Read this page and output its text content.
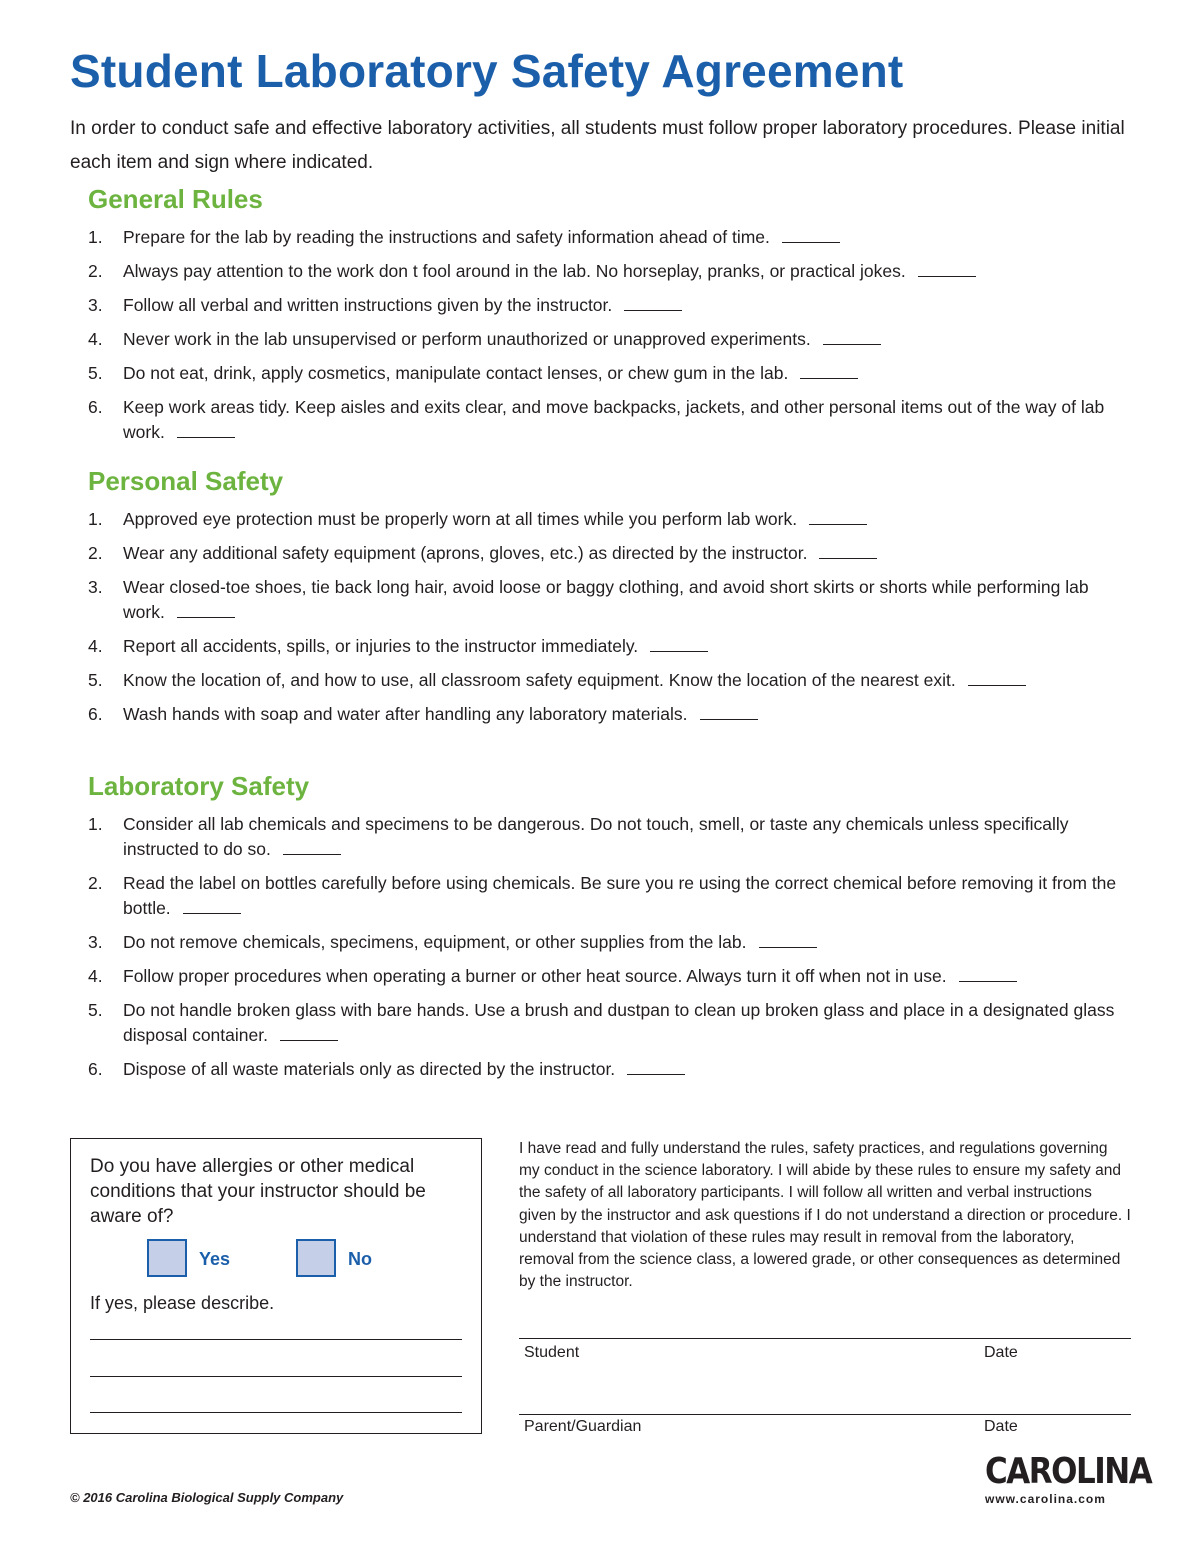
Student Laboratory Safety Agreement

In order to conduct safe and effective laboratory activities, all students must follow proper laboratory procedures. Please initial each item and sign where indicated.

General Rules
1. Prepare for the lab by reading the instructions and safety information ahead of time.
2. Always pay attention to the work don t fool around in the lab. No horseplay, pranks, or practical jokes.
3. Follow all verbal and written instructions given by the instructor.
4. Never work in the lab unsupervised or perform unauthorized or unapproved experiments.
5. Do not eat, drink, apply cosmetics, manipulate contact lenses, or chew gum in the lab.
6. Keep work areas tidy. Keep aisles and exits clear, and move backpacks, jackets, and other personal items out of the way of lab work.
Personal Safety
1. Approved eye protection must be properly worn at all times while you perform lab work.
2. Wear any additional safety equipment (aprons, gloves, etc.) as directed by the instructor.
3. Wear closed-toe shoes, tie back long hair, avoid loose or baggy clothing, and avoid short skirts or shorts while performing lab work.
4. Report all accidents, spills, or injuries to the instructor immediately.
5. Know the location of, and how to use, all classroom safety equipment. Know the location of the nearest exit.
6. Wash hands with soap and water after handling any laboratory materials.
Laboratory Safety
1. Consider all lab chemicals and specimens to be dangerous. Do not touch, smell, or taste any chemicals unless specifically instructed to do so.
2. Read the label on bottles carefully before using chemicals. Be sure you re using the correct chemical before removing it from the bottle.
3. Do not remove chemicals, specimens, equipment, or other supplies from the lab.
4. Follow proper procedures when operating a burner or other heat source. Always turn it off when not in use.
5. Do not handle broken glass with bare hands. Use a brush and dustpan to clean up broken glass and place in a designated glass disposal container.
6. Dispose of all waste materials only as directed by the instructor.

Do you have allergies or other medical conditions that your instructor should be aware of?

Yes	No

If yes, please describe.

I have read and fully understand the rules, safety practices, and regulations governing my conduct in the science laboratory. I will abide by these rules to ensure my safety and the safety of all laboratory participants. I will follow all written and verbal instructions given by the instructor and ask questions if I do not understand a direction or procedure. I understand that violation of these rules may result in removal from the laboratory, removal from the science class, a lowered grade, or other consequences as determined by the instructor.

Student	Date
Parent/Guardian	Date

© 2016 Carolina Biological Supply Company

CAROLINA
www.carolina.com
